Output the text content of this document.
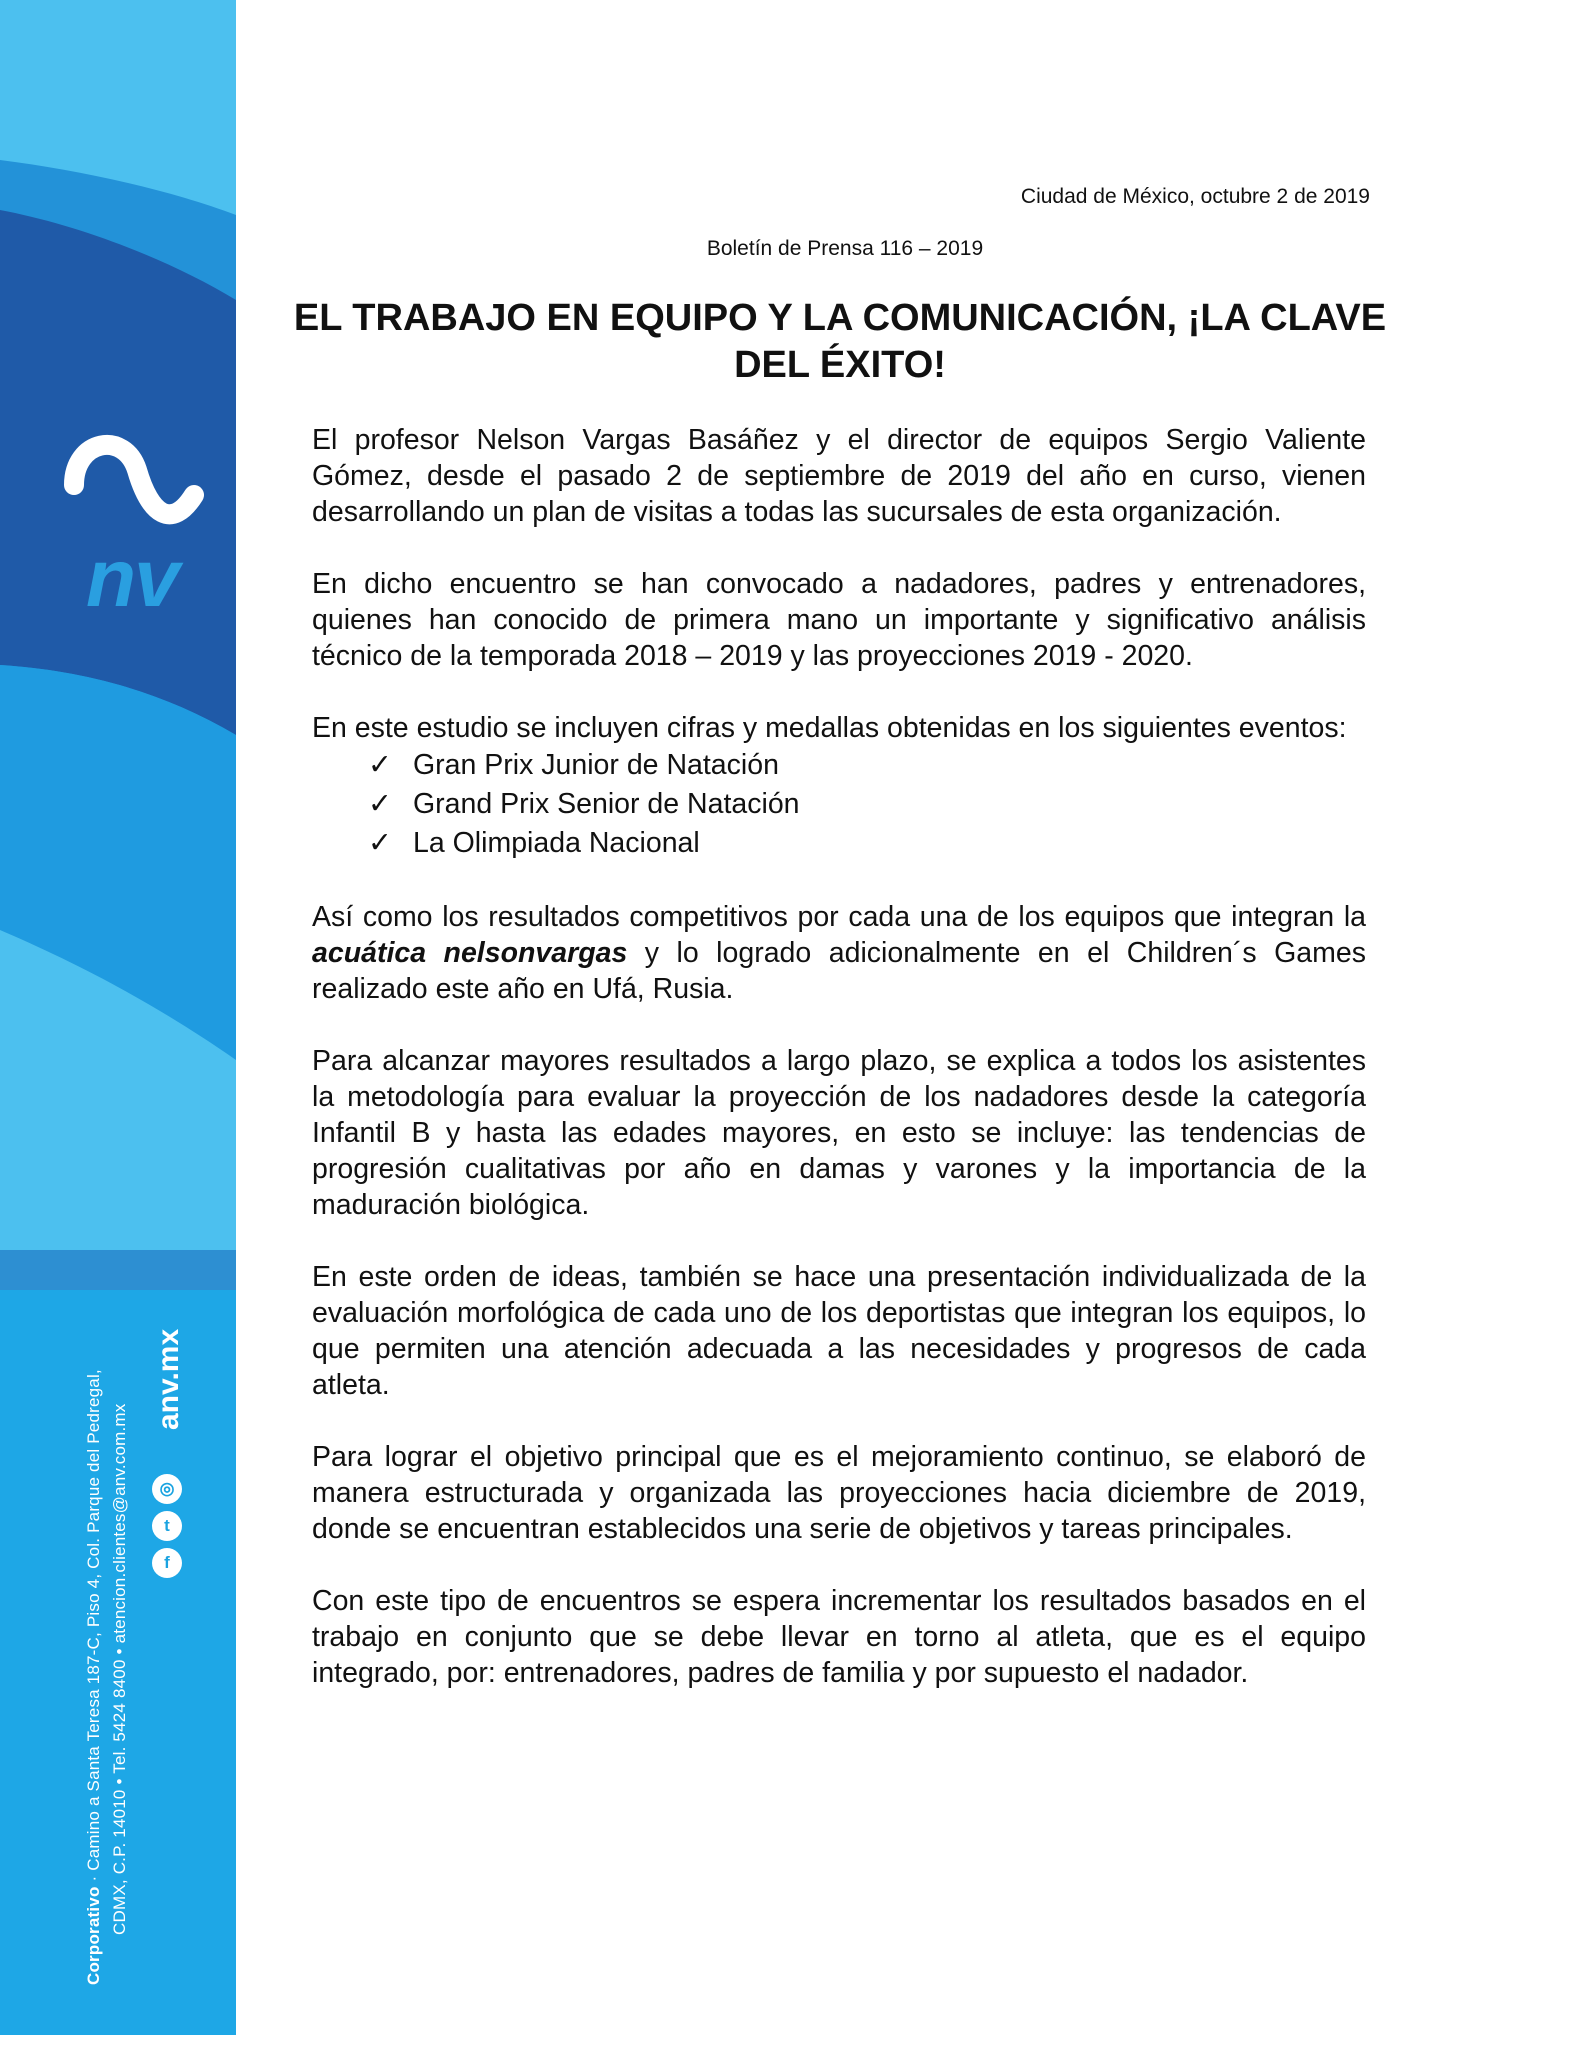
nv
Corporativo · Camino a Santa Teresa 187-C, Piso 4, Col. Parque del Pedregal, CDMX, C.P. 14010 • Tel. 5424 8400 • atencion.clientes@anv.com.mx
anv.mx
f
t
◎
Ciudad de México, octubre 2 de 2019
Boletín de Prensa 116 – 2019
EL TRABAJO EN EQUIPO Y LA COMUNICACIÓN, ¡LA CLAVE DEL ÉXITO!

El profesor Nelson Vargas Basáñez y el director de equipos Sergio Valiente Gómez, desde el pasado 2 de septiembre de 2019 del año en curso, vienen desarrollando un plan de visitas a todas las sucursales de esta organización.

En dicho encuentro se han convocado a nadadores, padres y entrenadores, quienes han conocido de primera mano un importante y significativo análisis técnico de la temporada 2018 – 2019 y las proyecciones 2019 - 2020.

En este estudio se incluyen cifras y medallas obtenidas en los siguientes eventos:

✓ Gran Prix Junior de Natación
✓ Grand Prix Senior de Natación
✓ La Olimpiada Nacional

Así como los resultados competitivos por cada una de los equipos que integran la acuática nelsonvargas y lo logrado adicionalmente en el Children´s Games realizado este año en Ufá, Rusia.

Para alcanzar mayores resultados a largo plazo, se explica a todos los asistentes la metodología para evaluar la proyección de los nadadores desde la categoría Infantil B y hasta las edades mayores, en esto se incluye: las tendencias de progresión cualitativas por año en damas y varones y la importancia de la maduración biológica.

En este orden de ideas, también se hace una presentación individualizada de la evaluación morfológica de cada uno de los deportistas que integran los equipos, lo que permiten una atención adecuada a las necesidades y progresos de cada atleta.

Para lograr el objetivo principal que es el mejoramiento continuo, se elaboró de manera estructurada y organizada las proyecciones hacia diciembre de 2019, donde se encuentran establecidos una serie de objetivos y tareas principales.

Con este tipo de encuentros se espera incrementar los resultados basados en el trabajo en conjunto que se debe llevar en torno al atleta, que es el equipo integrado, por: entrenadores, padres de familia y por supuesto el nadador.
